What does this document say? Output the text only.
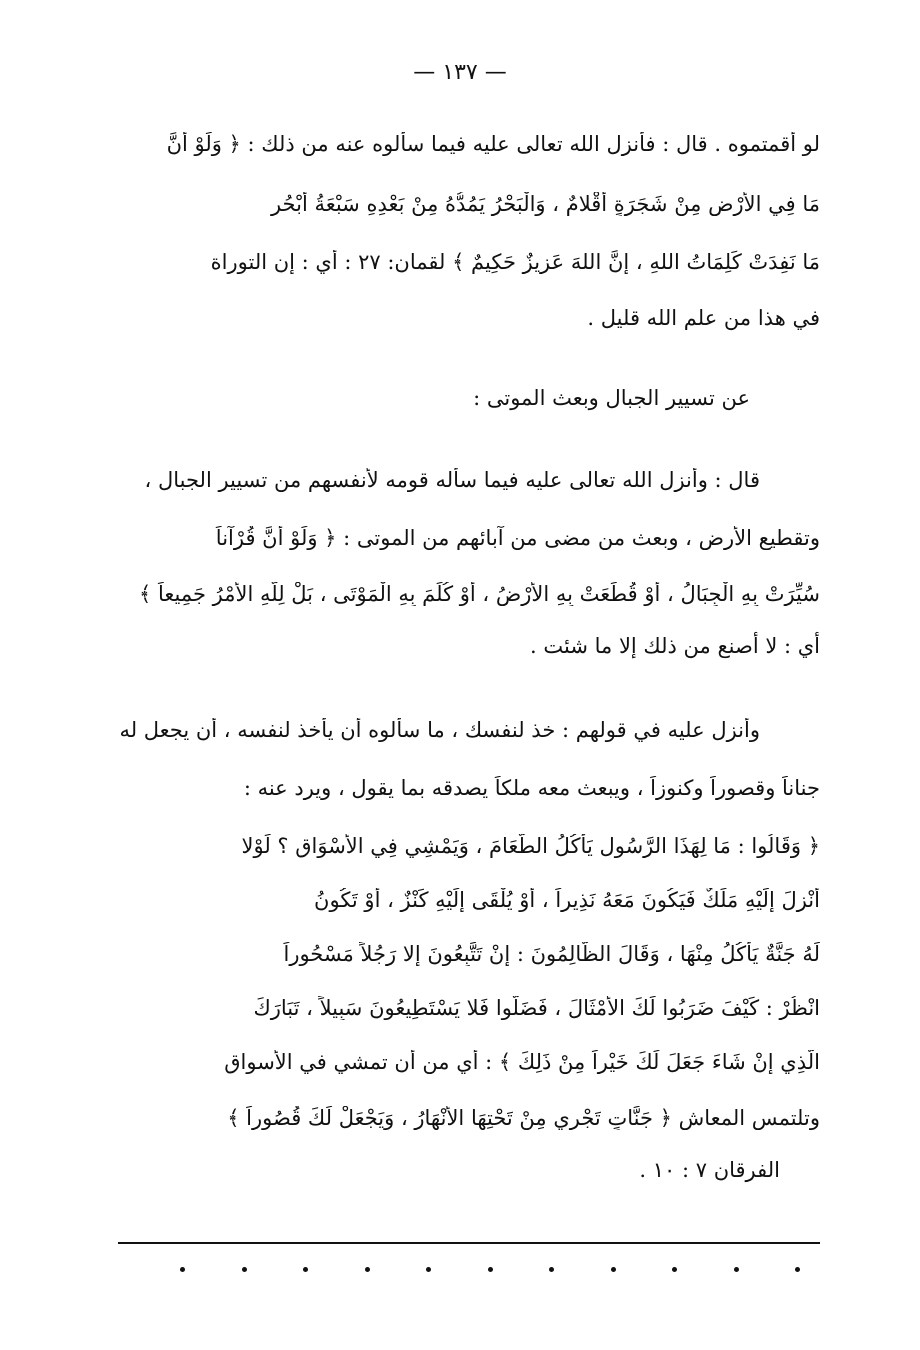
— ١٣٧ —
لو أقمتموه . قال : فأنزل الله تعالى عليه فيما سألوه عنه من ذلك : ﴿ وَلَوْ أَنَّ
مَا فِي الأَرْضِ مِنْ شَجَرَةٍ أَقْلامٌ ، وَالْبَحْرُ يَمُدُّهُ مِنْ بَعْدِهِ سَبْعَةُ أَبْحُرٍ
مَا نَفِدَتْ كَلِمَاتُ اللهِ ، إِنَّ اللهَ عَزِيزٌ حَكِيمٌ ﴾ لقمان: ٢٧ : أي : إن التوراة
في هذا من علم الله قليل .
عن تسيير الجبال وبعث الموتى :
قال : وأنزل الله تعالى عليه فيما سأله قومه لأنفسهم من تسيير الجبال ،
وتقطيع الأرض ، وبعث من مضى من آبائهم من الموتى : ﴿ وَلَوْ أَنَّ قُرْآناً
سُيِّرَتْ بِهِ الْجِبَالُ ، أَوْ قُطِّعَتْ بِهِ الأَرْضُ ، أَوْ كُلِّمَ بِهِ الْمَوْتَى ، بَلْ لِلَّهِ الأَمْرُ جَمِيعاً ﴾
أي : لا أصنع من ذلك إلا ما شئت .
وأنزل عليه في قولهم : خذ لنفسك ، ما سألوه أن يأخذ لنفسه ، أن يجعل له
جناناً وقصوراً وكنوزاً ، ويبعث معه ملكاً يصدقه بما يقول ، ويرد عنه :
﴿ وَقَالُوا : مَا لِهَذَا الرَّسُولِ يَأْكُلُ الطَّعَامَ ، وَيَمْشِي فِي الأَسْوَاقِ ؟ لَوْلا
أُنْزِلَ إِلَيْهِ مَلَكٌ فَيَكُونَ مَعَهُ نَذِيراً ، أَوْ يُلْقَى إِلَيْهِ كَنْزٌ ، أَوْ تَكُونُ
لَهُ جَنَّةٌ يَأْكُلُ مِنْهَا ، وَقَالَ الظَّالِمُونَ : إِنْ تَتَّبِعُونَ إِلا رَجُلاً مَسْحُوراً
انْظُرْ : كَيْفَ ضَرَبُوا لَكَ الأَمْثَالَ ، فَضَلُّوا فَلا يَسْتَطِيعُونَ سَبِيلاً ، تَبَارَكَ
الَّذِي إِنْ شَاءَ جَعَلَ لَكَ خَيْراً مِنْ ذَلِكَ ﴾ : أي من أن تمشي في الأسواق
وتلتمس المعاش ﴿ جَنَّاتٍ تَجْرِي مِنْ تَحْتِهَا الأَنْهَارُ ، وَيَجْعَلْ لَكَ قُصُوراً ﴾
الفرقان ٧ : ١٠ .
